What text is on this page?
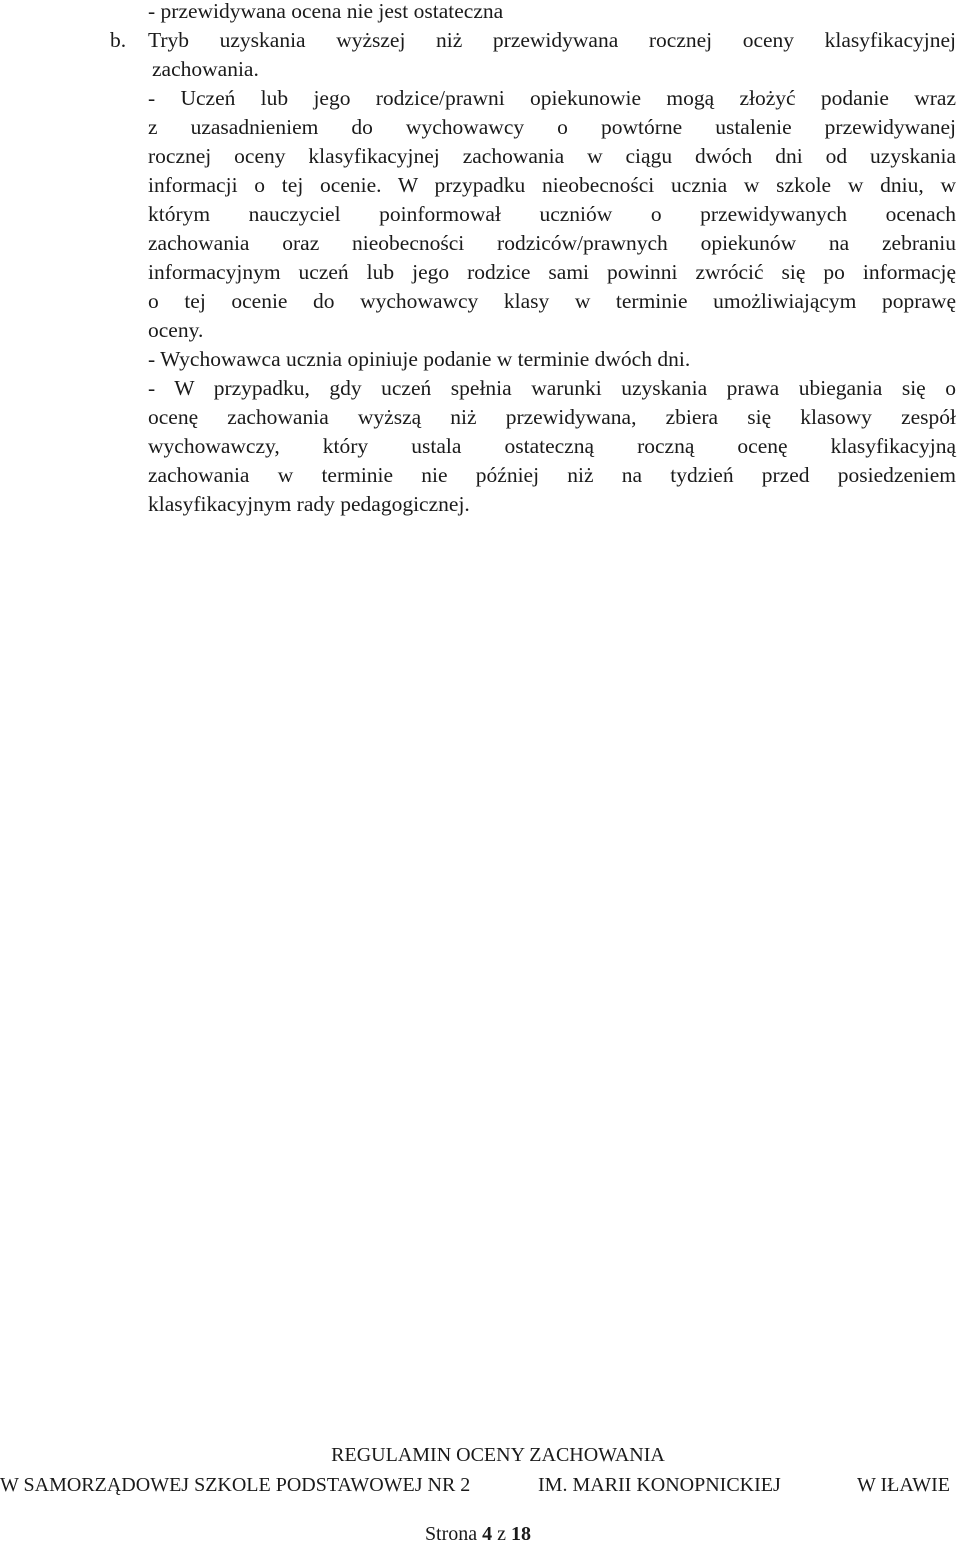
- przewidywana ocena nie jest ostateczna
b. Tryb uzyskania wyższej niż przewidywana rocznej oceny klasyfikacyjnej
zachowania.
- Uczeń lub jego rodzice/prawni opiekunowie mogą złożyć podanie wraz
z uzasadnieniem do wychowawcy o powtórne ustalenie przewidywanej
rocznej oceny klasyfikacyjnej zachowania w ciągu dwóch dni od uzyskania
informacji o tej ocenie. W przypadku nieobecności ucznia w szkole w dniu, w
którym nauczyciel poinformował uczniów o przewidywanych ocenach
zachowania oraz nieobecności rodziców/prawnych opiekunów na zebraniu
informacyjnym uczeń lub jego rodzice sami powinni zwrócić się po informację
o tej ocenie do wychowawcy klasy w terminie umożliwiającym poprawę
oceny.
- Wychowawca ucznia opiniuje podanie w terminie dwóch dni.
- W przypadku, gdy uczeń spełnia warunki uzyskania prawa ubiegania się o
ocenę zachowania wyższą niż przewidywana, zbiera się klasowy zespół
wychowawczy, który ustala ostateczną roczną ocenę klasyfikacyjną
zachowania w terminie nie później niż na tydzień przed posiedzeniem
klasyfikacyjnym rady pedagogicznej.
REGULAMIN OCENY ZACHOWANIA
W SAMORZĄDOWEJ SZKOLE PODSTAWOWEJ NR 2	IM. MARII KONOPNICKIEJ	W IŁAWIE
Strona 4 z 18
